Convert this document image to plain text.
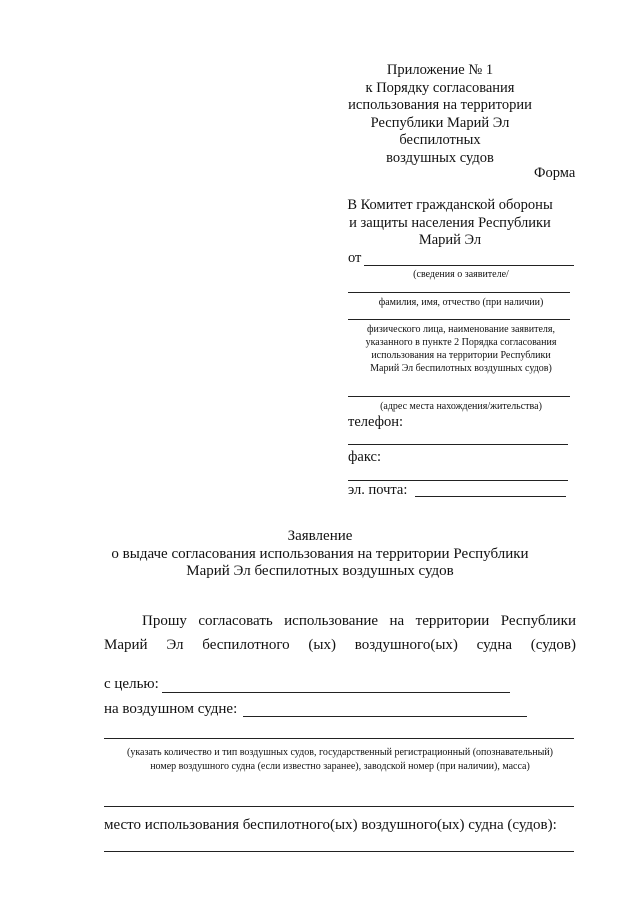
Приложение № 1
к Порядку согласования
использования на территории
Республики Марий Эл беспилотных
воздушных судов
Форма
В Комитет гражданской обороны
и защиты населения Республики
Марий Эл
от
(сведения о заявителе/
фамилия, имя, отчество (при наличии)
физического лица, наименование заявителя,
указанного в пункте 2 Порядка согласования
использования на территории Республики
Марий Эл беспилотных воздушных судов)
(адрес места нахождения/жительства)
телефон:
факс:
эл. почта:
Заявление
о выдаче согласования использования на территории Республики
Марий Эл беспилотных воздушных судов
Прошу согласовать использование на территории Республики Марий Эл беспилотного (ых) воздушного(ых) судна (судов)
с целью:
на воздушном судне:
(указать количество и тип воздушных судов, государственный регистрационный (опознавательный)
номер воздушного судна (если известно заранее), заводской номер (при наличии), масса)
место использования беспилотного(ых) воздушного(ых) судна (судов):
